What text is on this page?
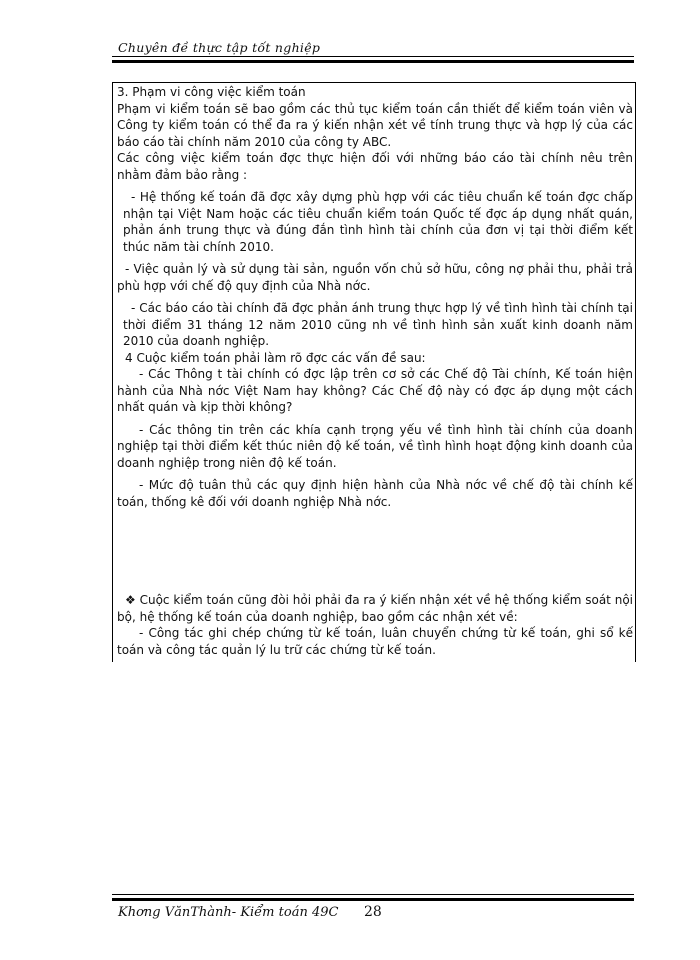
Chuyên đề thực tập tốt nghiệp

3. Phạm vi công việc kiểm toán

Phạm vi kiểm toán sẽ bao gồm các thủ tục kiểm toán cần thiết để kiểm toán viên và Công ty kiểm toán có thể đa ra ý kiến nhận xét về tính trung thực và hợp lý của các báo cáo tài chính năm 2010 của công ty ABC.

Các công việc kiểm toán đợc thực hiện đối với những báo cáo tài chính nêu trên nhằm đảm bảo rằng :

- Hệ thống kế toán đã đợc xây dựng phù hợp với các tiêu chuẩn kế toán đợc chấp nhận tại Việt Nam hoặc các tiêu chuẩn kiểm toán Quốc tế đợc áp dụng nhất quán, phản ánh trung thực và đúng đắn tình hình tài chính của đơn vị tại thời điểm kết thúc năm tài chính 2010.

- Việc quản lý và sử dụng tài sản, nguồn vốn chủ sở hữu, công nợ phải thu, phải trả phù hợp với chế độ quy định của Nhà nớc.

- Các báo cáo tài chính đã đợc phản ánh trung thực hợp lý về tình hình tài chính tại thời điểm 31 tháng 12 năm 2010 cũng nh về tình hình sản xuất kinh doanh năm 2010 của doanh nghiệp.

4 Cuộc kiểm toán phải làm rõ đợc các vấn đề sau:

- Các Thông t tài chính có đợc lập trên cơ sở các Chế độ Tài chính, Kế toán hiện hành của Nhà nớc Việt Nam hay không? Các Chế độ này có đợc áp dụng một cách nhất quán và kịp thời không?

- Các thông tin trên các khía cạnh trọng yếu về tình hình tài chính của doanh nghiệp tại thời điểm kết thúc niên độ kế toán, về tình hình hoạt động kinh doanh của doanh nghiệp trong niên độ kế toán.

- Mức độ tuân thủ các quy định hiện hành của Nhà nớc về chế độ tài chính kế toán, thống kê đối với doanh nghiệp Nhà nớc.

❖ Cuộc kiểm toán cũng đòi hỏi phải đa ra ý kiến nhận xét về hệ thống kiểm soát nội bộ, hệ thống kế toán của doanh nghiệp, bao gồm các nhận xét về:

- Công tác ghi chép chứng từ kế toán, luân chuyển chứng từ kế toán, ghi sổ kế toán và công tác quản lý lu trữ các chứng từ kế toán.

Khơng VănThành- Kiểm toán 49C 28
